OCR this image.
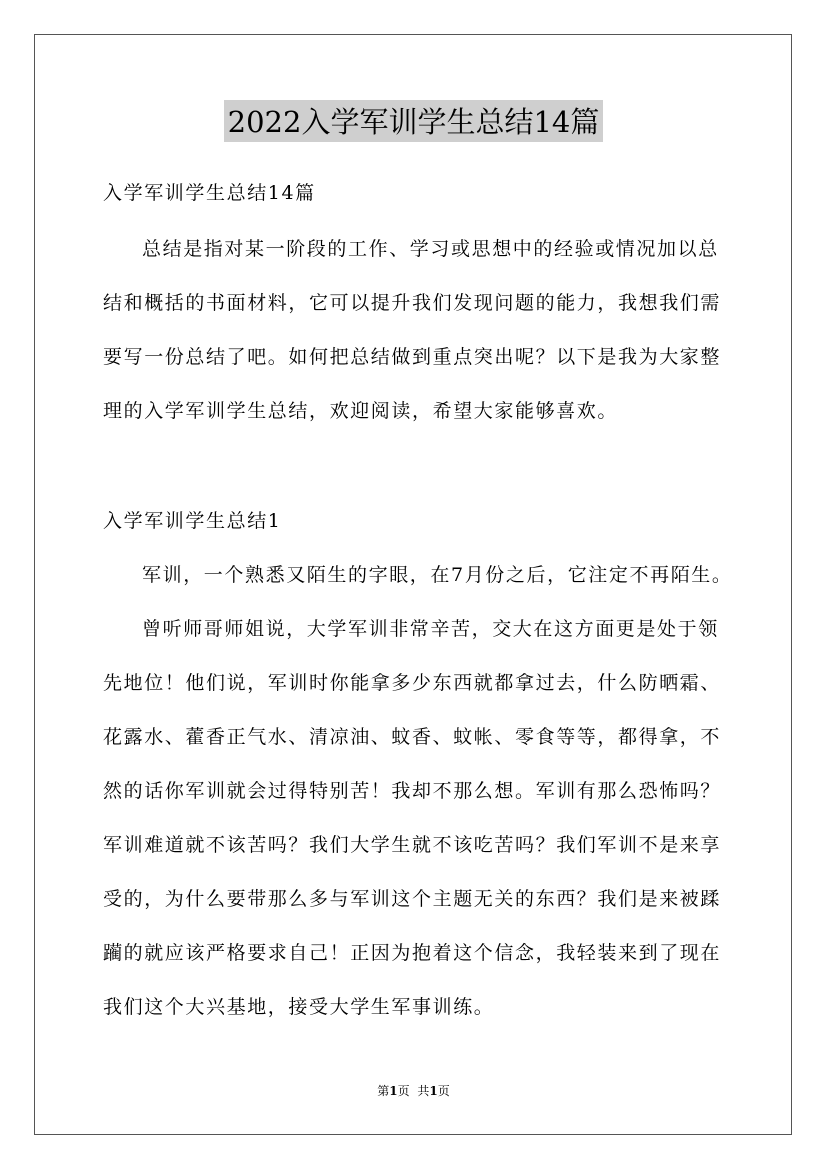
2022入学军训学生总结14篇
入学军训学生总结14篇
总结是指对某一阶段的工作、学习或思想中的经验或情况加以总
结和概括的书面材料，它可以提升我们发现问题的能力，我想我们需
要写一份总结了吧。如何把总结做到重点突出呢？以下是我为大家整
理的入学军训学生总结，欢迎阅读，希望大家能够喜欢。
入学军训学生总结1
军训，一个熟悉又陌生的字眼，在7月份之后，它注定不再陌生。
曾听师哥师姐说，大学军训非常辛苦，交大在这方面更是处于领
先地位！他们说，军训时你能拿多少东西就都拿过去，什么防晒霜、
花露水、藿香正气水、清凉油、蚊香、蚊帐、零食等等，都得拿，不
然的话你军训就会过得特别苦！我却不那么想。军训有那么恐怖吗？
军训难道就不该苦吗？我们大学生就不该吃苦吗？我们军训不是来享
受的，为什么要带那么多与军训这个主题无关的东西？我们是来被蹂
躏的就应该严格要求自己！正因为抱着这个信念，我轻装来到了现在
我们这个大兴基地，接受大学生军事训练。
第1页 共1页
